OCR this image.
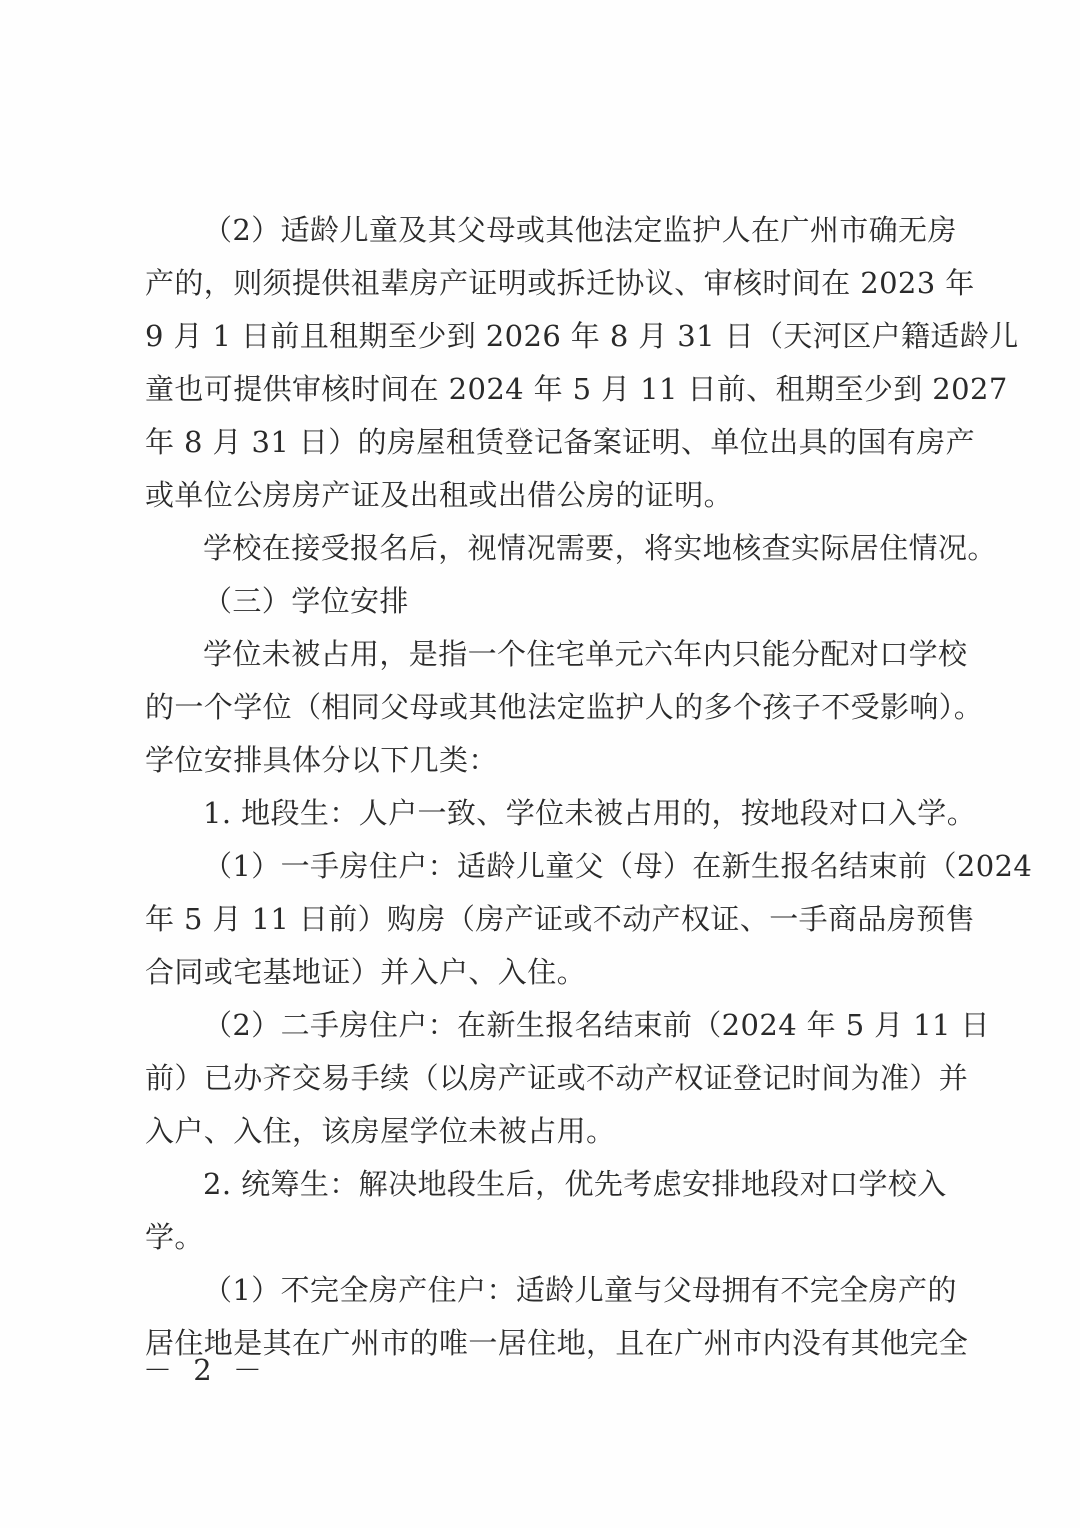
（2）适龄儿童及其父母或其他法定监护人在广州市确无房
产的，则须提供祖辈房产证明或拆迁协议、审核时间在 2023 年
9 月 1 日前且租期至少到 2026 年 8 月 31 日（天河区户籍适龄儿
童也可提供审核时间在 2024 年 5 月 11 日前、租期至少到 2027
年 8 月 31 日）的房屋租赁登记备案证明、单位出具的国有房产
或单位公房房产证及出租或出借公房的证明。
学校在接受报名后，视情况需要，将实地核查实际居住情况。
（三）学位安排
学位未被占用，是指一个住宅单元六年内只能分配对口学校
的一个学位（相同父母或其他法定监护人的多个孩子不受影响）。
学位安排具体分以下几类：
1. 地段生：人户一致、学位未被占用的，按地段对口入学。
（1）一手房住户：适龄儿童父（母）在新生报名结束前（2024
年 5 月 11 日前）购房（房产证或不动产权证、一手商品房预售
合同或宅基地证）并入户、入住。
（2）二手房住户：在新生报名结束前（2024 年 5 月 11 日
前）已办齐交易手续（以房产证或不动产权证登记时间为准）并
入户、入住，该房屋学位未被占用。
2. 统筹生：解决地段生后，优先考虑安排地段对口学校入
学。
（1）不完全房产住户：适龄儿童与父母拥有不完全房产的
居住地是其在广州市的唯一居住地，且在广州市内没有其他完全
－ 2 －
